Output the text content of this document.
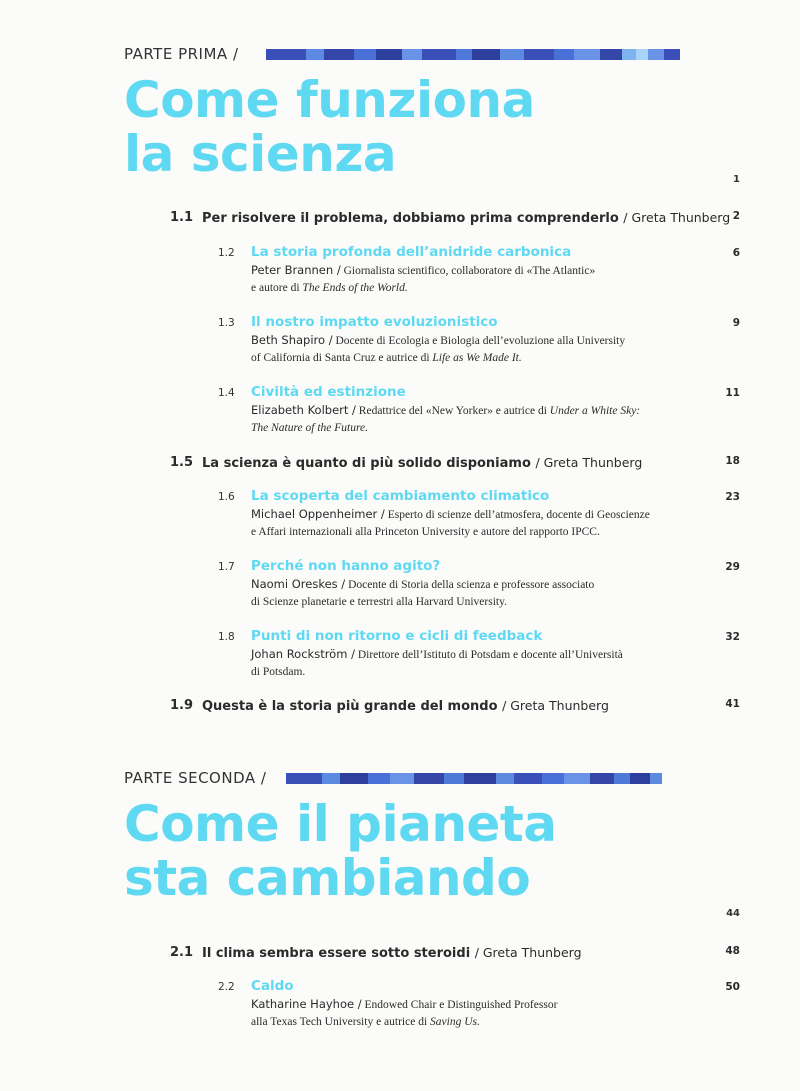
PARTE PRIMA /
Come funziona
la scienza	1
1.1 Per risolvere il problema, dobbiamo prima comprenderlo / Greta Thunberg 2
1.2 La storia profonda dell’anidride carbonica	6
Peter Brannen / Giornalista scientifico, collaboratore di «The Atlantic»
e autore di The Ends of the World.
1.3 Il nostro impatto evoluzionistico	9
Beth Shapiro / Docente di Ecologia e Biologia dell’evoluzione alla University
of California di Santa Cruz e autrice di Life as We Made It.
1.4 Civiltà ed estinzione	11
Elizabeth Kolbert / Redattrice del «New Yorker» e autrice di Under a White Sky:
The Nature of the Future.
1.5 La scienza è quanto di più solido disponiamo / Greta Thunberg	18
1.6 La scoperta del cambiamento climatico	23
Michael Oppenheimer / Esperto di scienze dell’atmosfera, docente di Geoscienze
e Affari internazionali alla Princeton University e autore del rapporto IPCC.
1.7 Perché non hanno agito?	29
Naomi Oreskes / Docente di Storia della scienza e professore associato
di Scienze planetarie e terrestri alla Harvard University.
1.8 Punti di non ritorno e cicli di feedback	32
Johan Rockström / Direttore dell’Istituto di Potsdam e docente all’Università
di Potsdam.
1.9 Questa è la storia più grande del mondo / Greta Thunberg	41
PARTE SECONDA /
Come il pianeta
sta cambiando
44
2.1 Il clima sembra essere sotto steroidi / Greta Thunberg	48
2.2 Caldo	50
Katharine Hayhoe / Endowed Chair e Distinguished Professor
alla Texas Tech University e autrice di Saving Us.
